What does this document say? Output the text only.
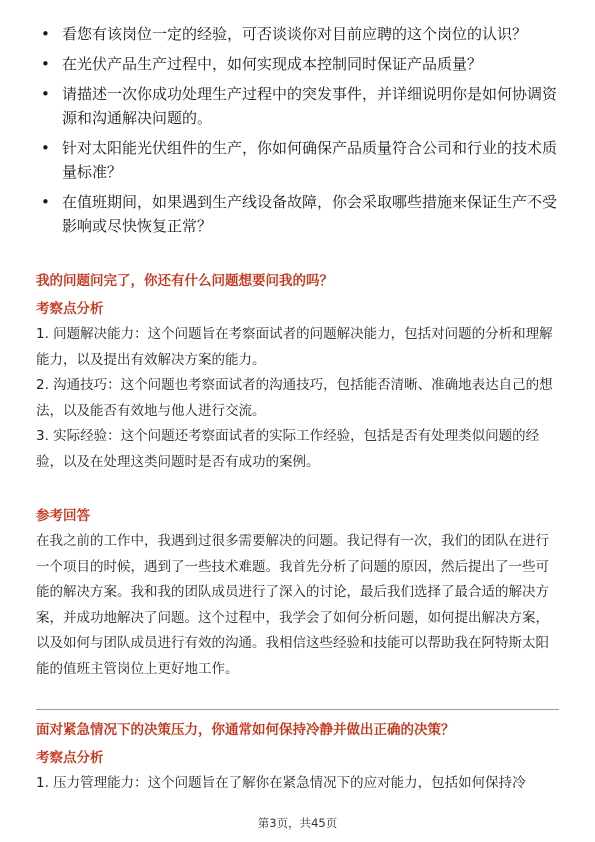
• 看您有该岗位一定的经验，可否谈谈你对目前应聘的这个岗位的认识？
• 在光伏产品生产过程中，如何实现成本控制同时保证产品质量？
• 请描述一次你成功处理生产过程中的突发事件，并详细说明你是如何协调资源和沟通解决问题的。
• 针对太阳能光伏组件的生产，你如何确保产品质量符合公司和行业的技术质量标准？
• 在值班期间，如果遇到生产线设备故障，你会采取哪些措施来保证生产不受影响或尽快恢复正常？
我的问题问完了，你还有什么问题想要问我的吗？
考察点分析
1. 问题解决能力：这个问题旨在考察面试者的问题解决能力，包括对问题的分析和理解能力，以及提出有效解决方案的能力。
2. 沟通技巧：这个问题也考察面试者的沟通技巧，包括能否清晰、准确地表达自己的想法，以及能否有效地与他人进行交流。
3. 实际经验：这个问题还考察面试者的实际工作经验，包括是否有处理类似问题的经验，以及在处理这类问题时是否有成功的案例。
参考回答
在我之前的工作中，我遇到过很多需要解决的问题。我记得有一次，我们的团队在进行一个项目的时候，遇到了一些技术难题。我首先分析了问题的原因，然后提出了一些可能的解决方案。我和我的团队成员进行了深入的讨论，最后我们选择了最合适的解决方案，并成功地解决了问题。这个过程中，我学会了如何分析问题，如何提出解决方案，以及如何与团队成员进行有效的沟通。我相信这些经验和技能可以帮助我在阿特斯太阳能的值班主管岗位上更好地工作。
面对紧急情况下的决策压力，你通常如何保持冷静并做出正确的决策？
考察点分析
1. 压力管理能力：这个问题旨在了解你在紧急情况下的应对能力，包括如何保持冷
第3页，共45页
